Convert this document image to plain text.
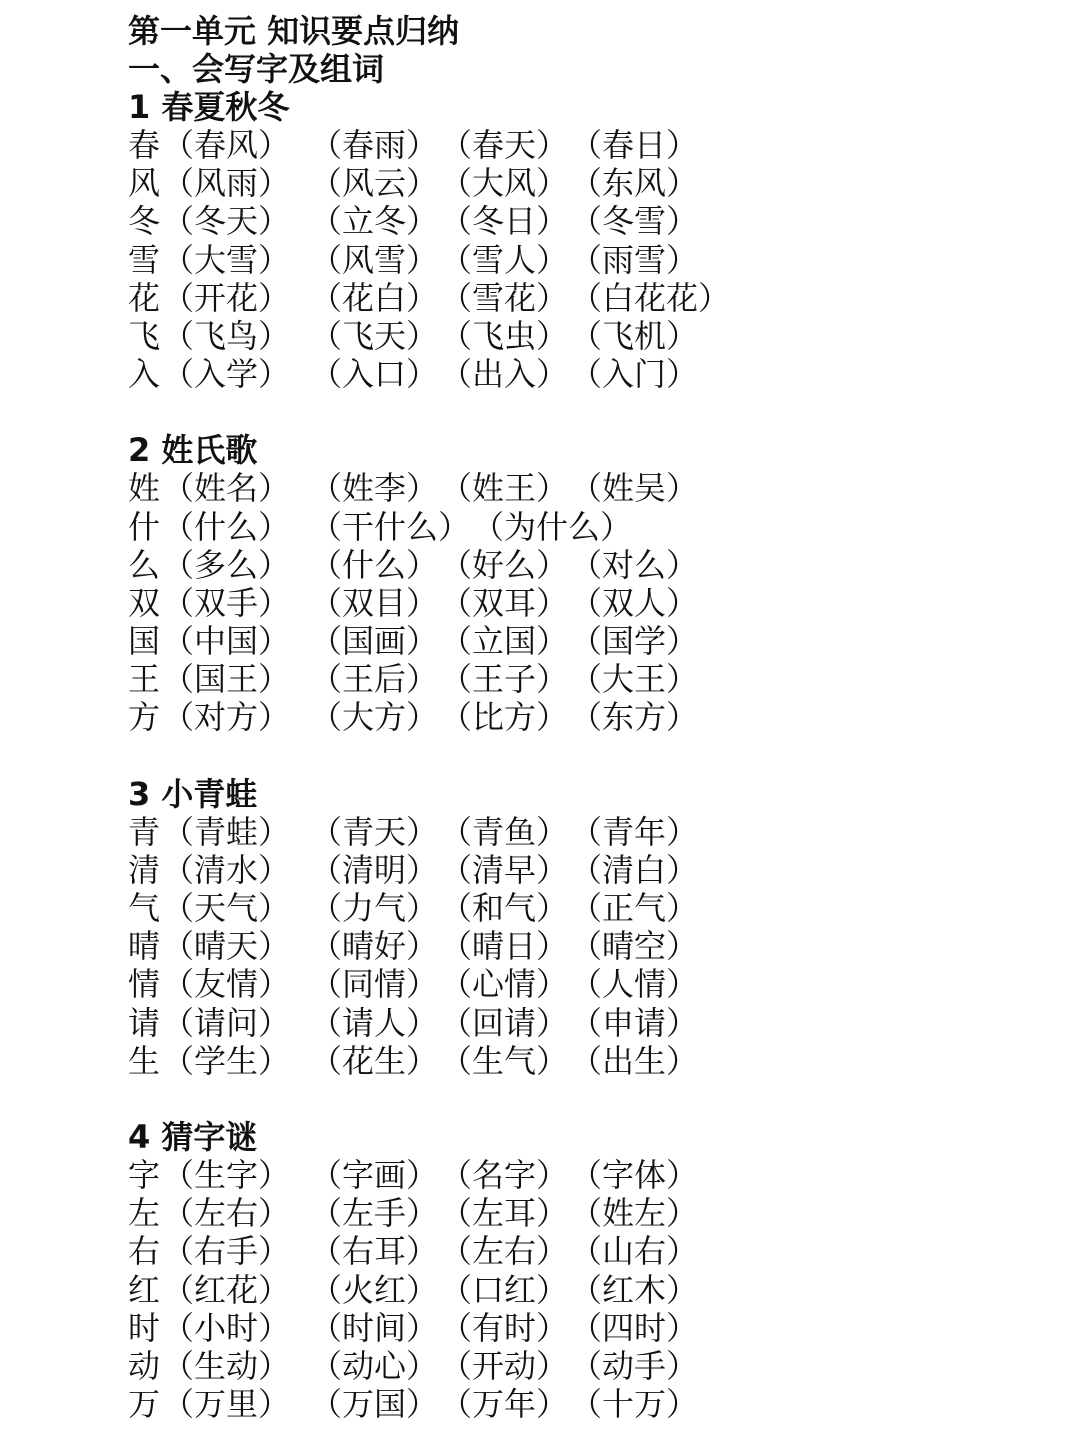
第一单元 知识要点归纳
一、会写字及组词
1 春夏秋冬
春 （春风） （春雨） （春天） （春日）
风 （风雨） （风云） （大风） （东风）
冬 （冬天） （立冬） （冬日） （冬雪）
雪 （大雪） （风雪） （雪人） （雨雪）
花 （开花） （花白） （雪花） （白花花）
飞 （飞鸟） （飞天） （飞虫） （飞机）
入 （入学） （入口） （出入） （入门）
2 姓氏歌
姓 （姓名） （姓李） （姓王） （姓吴）
什 （什么） （干什么） （为什么）
么 （多么） （什么） （好么） （对么）
双 （双手） （双目） （双耳） （双人）
国 （中国） （国画） （立国） （国学）
王 （国王） （王后） （王子） （大王）
方 （对方） （大方） （比方） （东方）
3 小青蛙
青 （青蛙） （青天） （青鱼） （青年）
清 （清水） （清明） （清早） （清白）
气 （天气） （力气） （和气） （正气）
晴 （晴天） （晴好） （晴日） （晴空）
情 （友情） （同情） （心情） （人情）
请 （请问） （请人） （回请） （申请）
生 （学生） （花生） （生气） （出生）
4 猜字谜
字 （生字） （字画） （名字） （字体）
左 （左右） （左手） （左耳） （姓左）
右 （右手） （右耳） （左右） （山右）
红 （红花） （火红） （口红） （红木）
时 （小时） （时间） （有时） （四时）
动 （生动） （动心） （开动） （动手）
万 （万里） （万国） （万年） （十万）
